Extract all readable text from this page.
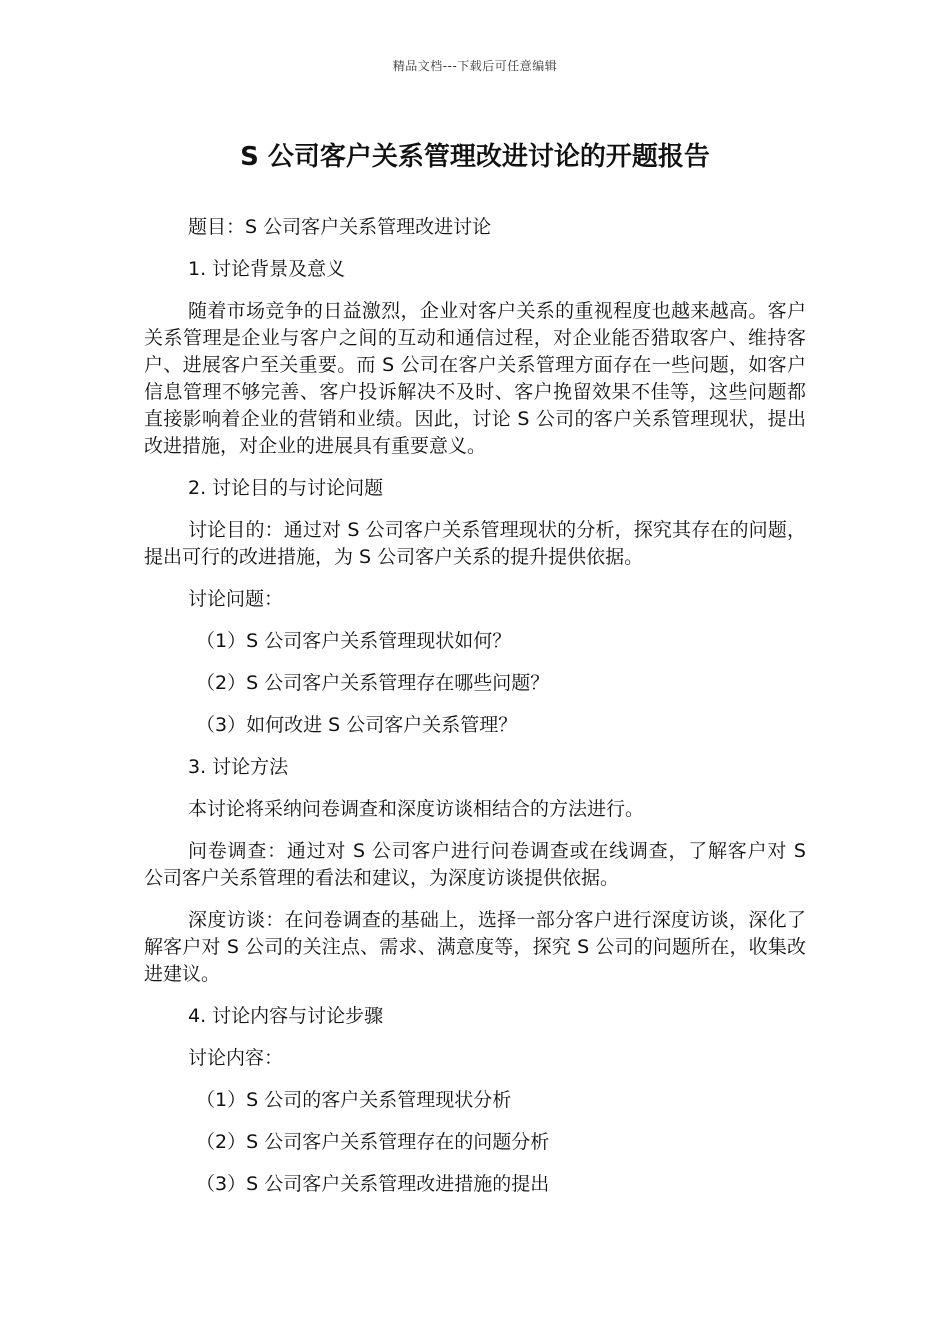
精品文档---下载后可任意编辑
S 公司客户关系管理改进讨论的开题报告

题目：S 公司客户关系管理改进讨论

1. 讨论背景及意义

随着市场竞争的日益激烈，企业对客户关系的重视程度也越来越高。客户关系管理是企业与客户之间的互动和通信过程，对企业能否猎取客户、维持客户、进展客户至关重要。而 S 公司在客户关系管理方面存在一些问题，如客户信息管理不够完善、客户投诉解决不及时、客户挽留效果不佳等，这些问题都直接影响着企业的营销和业绩。因此，讨论 S 公司的客户关系管理现状，提出改进措施，对企业的进展具有重要意义。

2. 讨论目的与讨论问题

讨论目的：通过对 S 公司客户关系管理现状的分析，探究其存在的问题，提出可行的改进措施，为 S 公司客户关系的提升提供依据。

讨论问题：

（1）S 公司客户关系管理现状如何？

（2）S 公司客户关系管理存在哪些问题？

（3）如何改进 S 公司客户关系管理？

3. 讨论方法

本讨论将采纳问卷调查和深度访谈相结合的方法进行。

问卷调查：通过对 S 公司客户进行问卷调查或在线调查，了解客户对 S 公司客户关系管理的看法和建议，为深度访谈提供依据。

深度访谈：在问卷调查的基础上，选择一部分客户进行深度访谈，深化了解客户对 S 公司的关注点、需求、满意度等，探究 S 公司的问题所在，收集改进建议。

4. 讨论内容与讨论步骤

讨论内容：

（1）S 公司的客户关系管理现状分析

（2）S 公司客户关系管理存在的问题分析

（3）S 公司客户关系管理改进措施的提出
